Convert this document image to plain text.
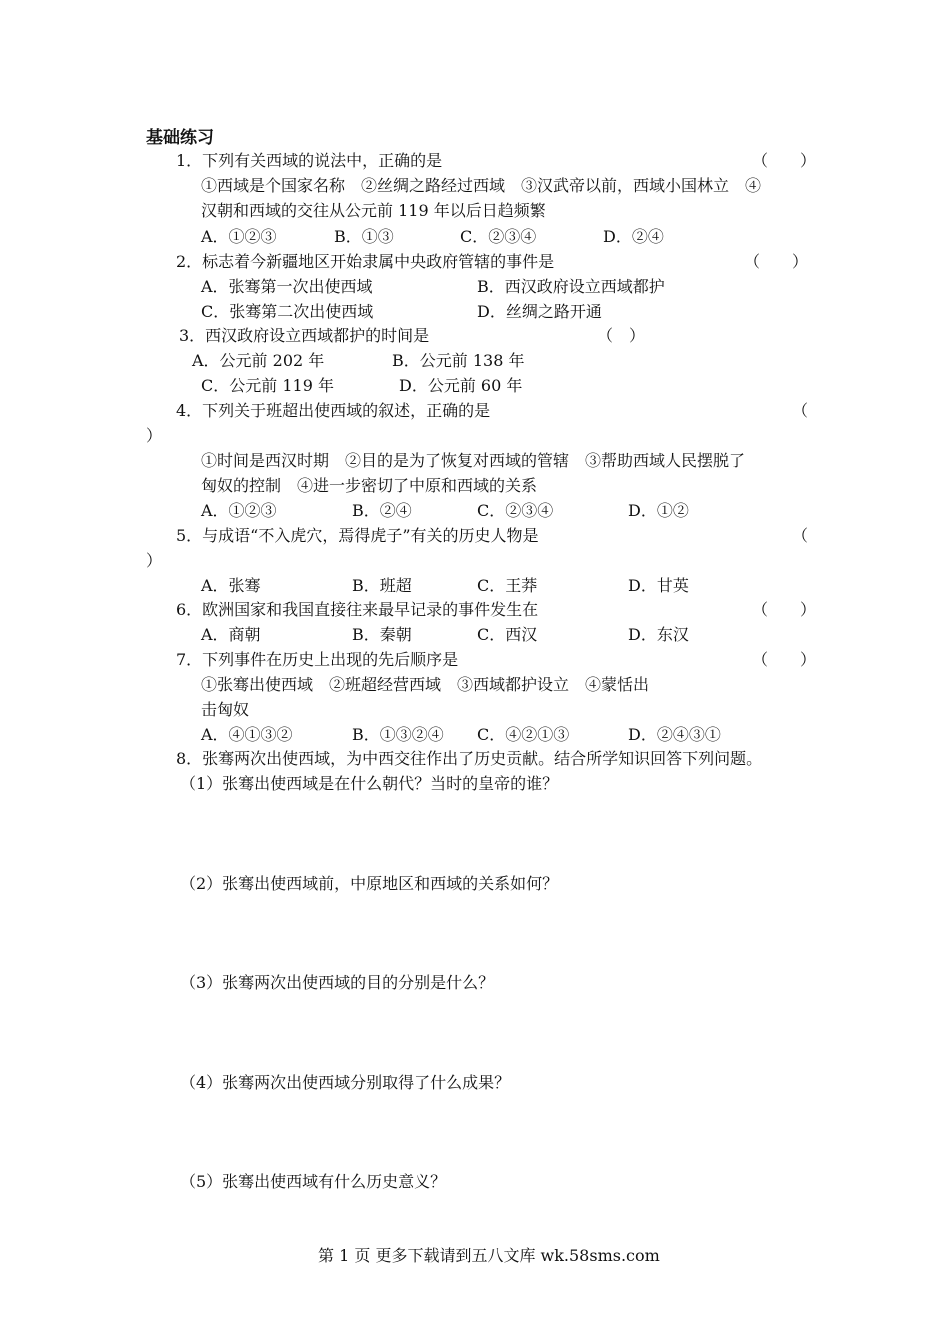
基础练习
1．下列有关西域的说法中，正确的是	（　　）
①西域是个国家名称　②丝绸之路经过西域　③汉武帝以前，西域小国林立　④
汉朝和西域的交往从公元前 119 年以后日趋频繁
A．①②③	B．①③	C．②③④	D．②④
2．标志着今新疆地区开始隶属中央政府管辖的事件是	（　　）
A．张骞第一次出使西域	B．西汉政府设立西域都护
C．张骞第二次出使西域	D．丝绸之路开通
3．西汉政府设立西域都护的时间是	（　）
A．公元前 202 年	B．公元前 138 年
C．公元前 119 年	D．公元前 60 年
4．下列关于班超出使西域的叙述，正确的是	（
）
①时间是西汉时期　②目的是为了恢复对西域的管辖　③帮助西域人民摆脱了
匈奴的控制　④进一步密切了中原和西域的关系
A．①②③	B．②④	C．②③④	D．①②
5．与成语“不入虎穴，焉得虎子”有关的历史人物是	（
）
A．张骞	B．班超	C．王莽	D．甘英
6．欧洲国家和我国直接往来最早记录的事件发生在	（　　）
A．商朝	B．秦朝	C．西汉	D．东汉
7．下列事件在历史上出现的先后顺序是	（　　）
①张骞出使西域　②班超经营西域　③西域都护设立　④蒙恬出
击匈奴
A．④①③②	B．①③②④ C．④②①③	D．②④③①
8．张骞两次出使西域，为中西交往作出了历史贡献。结合所学知识回答下列问题。
（1）张骞出使西域是在什么朝代？当时的皇帝的谁？
（2）张骞出使西域前，中原地区和西域的关系如何？
（3）张骞两次出使西域的目的分别是什么？
（4）张骞两次出使西域分别取得了什么成果？
（5）张骞出使西域有什么历史意义？
第 1 页 更多下载请到五八文库 wk.58sms.com
